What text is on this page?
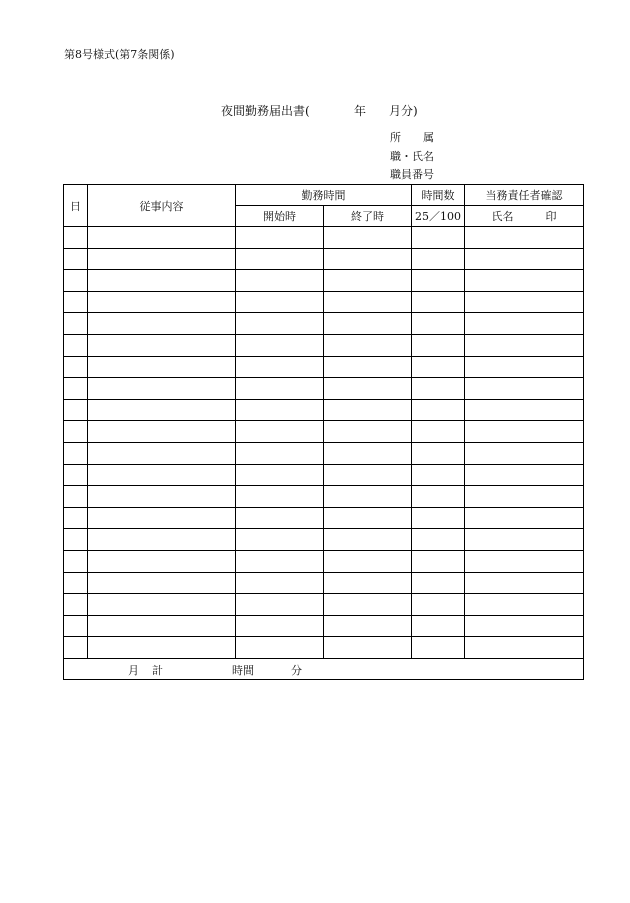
第8号様式(第7条関係)
夜間勤務届出書(	年 月分)
所　　属
職・氏名
職員番号
日	従事内容	勤務時間		時間数	当務責任者確認
		開始時	終了時	25／100	氏名 印

月 計 時間 分					
